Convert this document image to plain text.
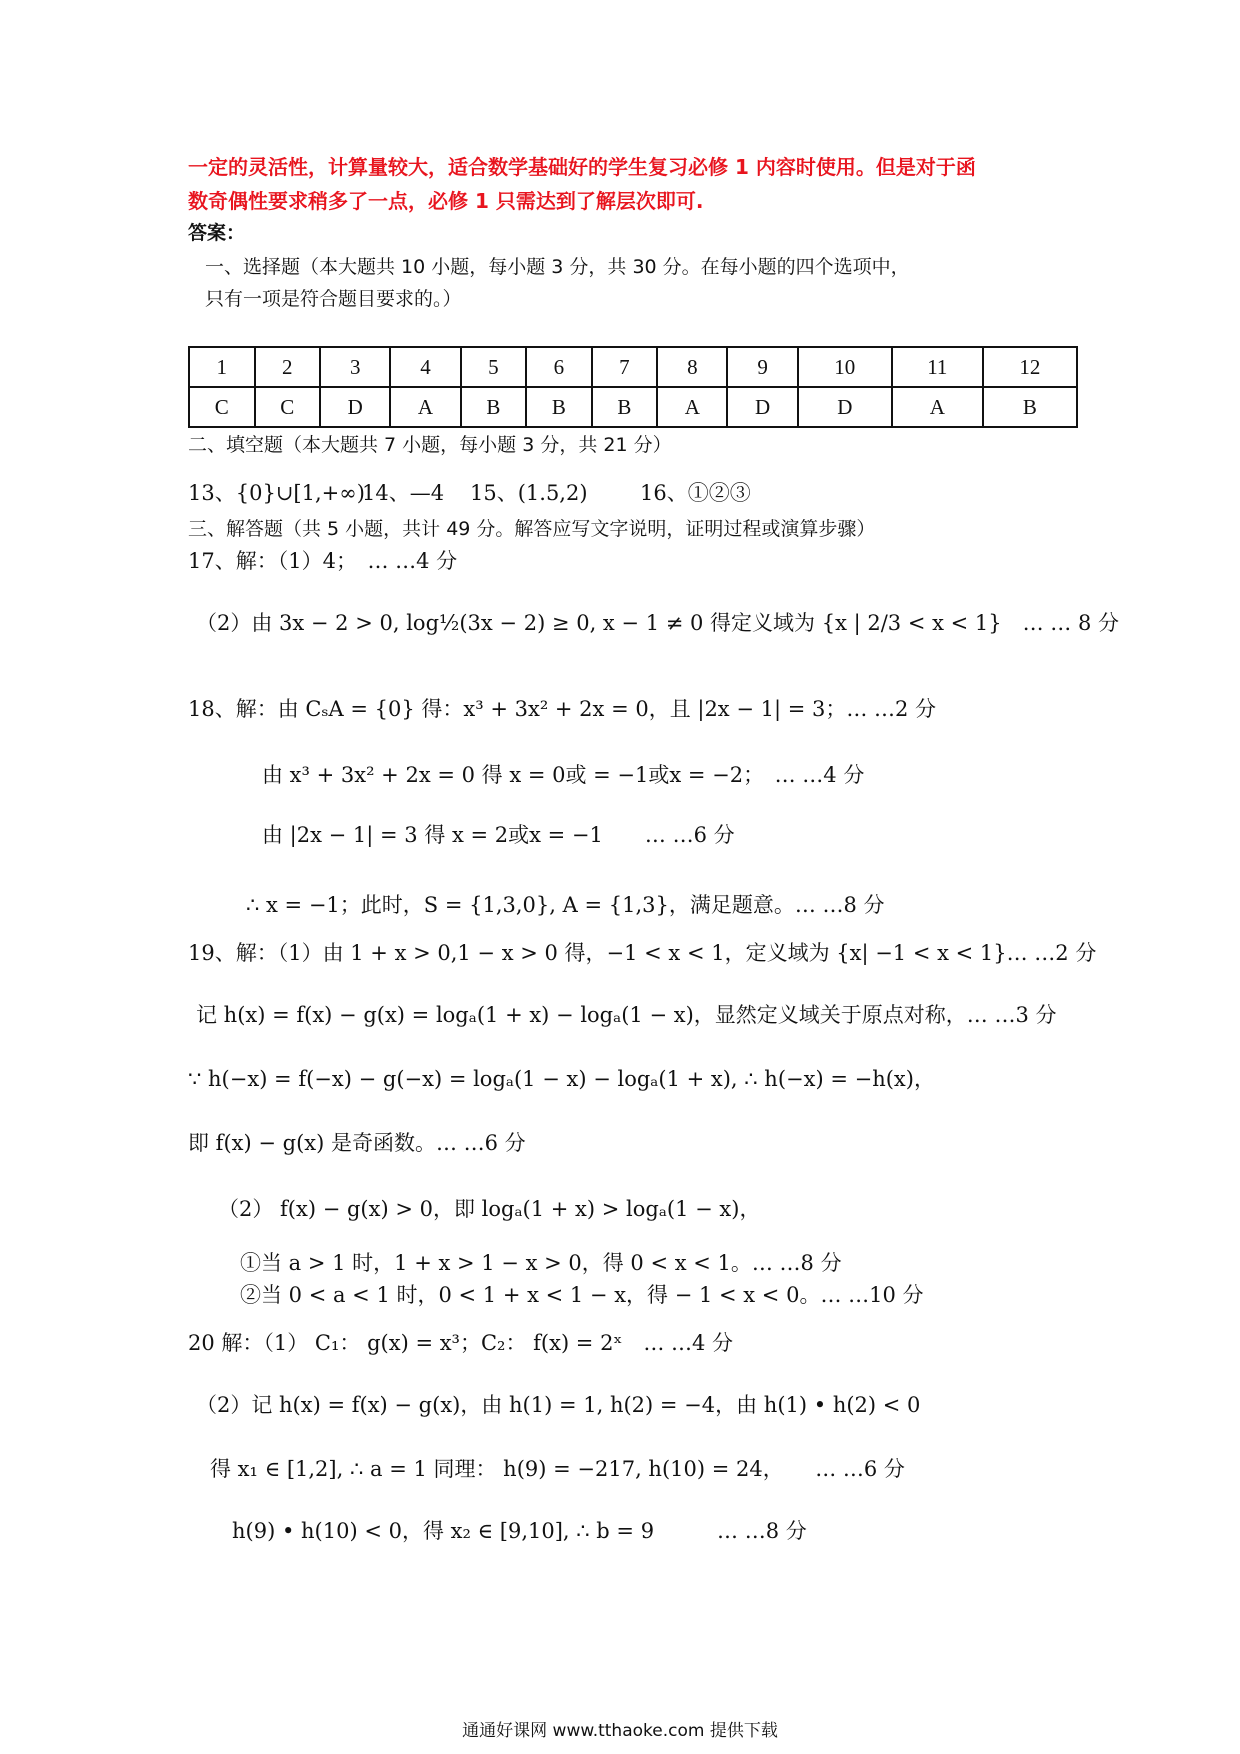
一定的灵活性，计算量较大，适合数学基础好的学生复习必修 1 内容时使用。但是对于函
数奇偶性要求稍多了一点，必修 1 只需达到了解层次即可.
答案：
一、选择题（本大题共 10 小题，每小题 3 分，共 30 分。在每小题的四个选项中，
只有一项是符合题目要求的。）
1	2	3	4	5	6	7	8	9	10	11	12
C	C	D	A	B	B	B	A	D	D	A	B
二、填空题（本大题共 7 小题，每小题 3 分，共 21 分）
13、{0}∪[1,+∞)
14、—4 15、(1.5,2) 16、①②③
三、解答题（共 5 小题，共计 49 分。解答应写文字说明，证明过程或演算步骤）
17、解：（1）4；　… …4 分
（2）由 3x − 2 > 0, log½(3x − 2) ≥ 0, x − 1 ≠ 0 得定义域为 {x | 2/3 < x < 1}　… … 8 分
18、解：由 CₛA = {0} 得：x³ + 3x² + 2x = 0，且 |2x − 1| = 3；… …2 分
由 x³ + 3x² + 2x = 0 得 x = 0或 = −1或x = −2；　… …4 分
由 |2x − 1| = 3 得 x = 2或x = −1　　… …6 分
∴ x = −1；此时，S = {1,3,0}, A = {1,3}，满足题意。… …8 分
19、解：（1）由 1 + x > 0,1 − x > 0 得，−1 < x < 1，定义域为 {x| −1 < x < 1}… …2 分
记 h(x) = f(x) − g(x) = logₐ(1 + x) − logₐ(1 − x)，显然定义域关于原点对称，… …3 分
∵ h(−x) = f(−x) − g(−x) = logₐ(1 − x) − logₐ(1 + x), ∴ h(−x) = −h(x)，
即 f(x) − g(x) 是奇函数。… …6 分
（2） f(x) − g(x) > 0，即 logₐ(1 + x) > logₐ(1 − x)，
①当 a > 1 时，1 + x > 1 − x > 0，得 0 < x < 1。… …8 分
②当 0 < a < 1 时，0 < 1 + x < 1 − x，得 − 1 < x < 0。… …10 分
20 解：（1） C₁： g(x) = x³；C₂： f(x) = 2ˣ　… …4 分
（2）记 h(x) = f(x) − g(x)，由 h(1) = 1, h(2) = −4，由 h(1) • h(2) < 0
得 x₁ ∈ [1,2], ∴ a = 1 同理： h(9) = −217, h(10) = 24，　　… …6 分
h(9) • h(10) < 0，得 x₂ ∈ [9,10], ∴ b = 9　　　… …8 分
通通好课网 www.tthaoke.com 提供下载
